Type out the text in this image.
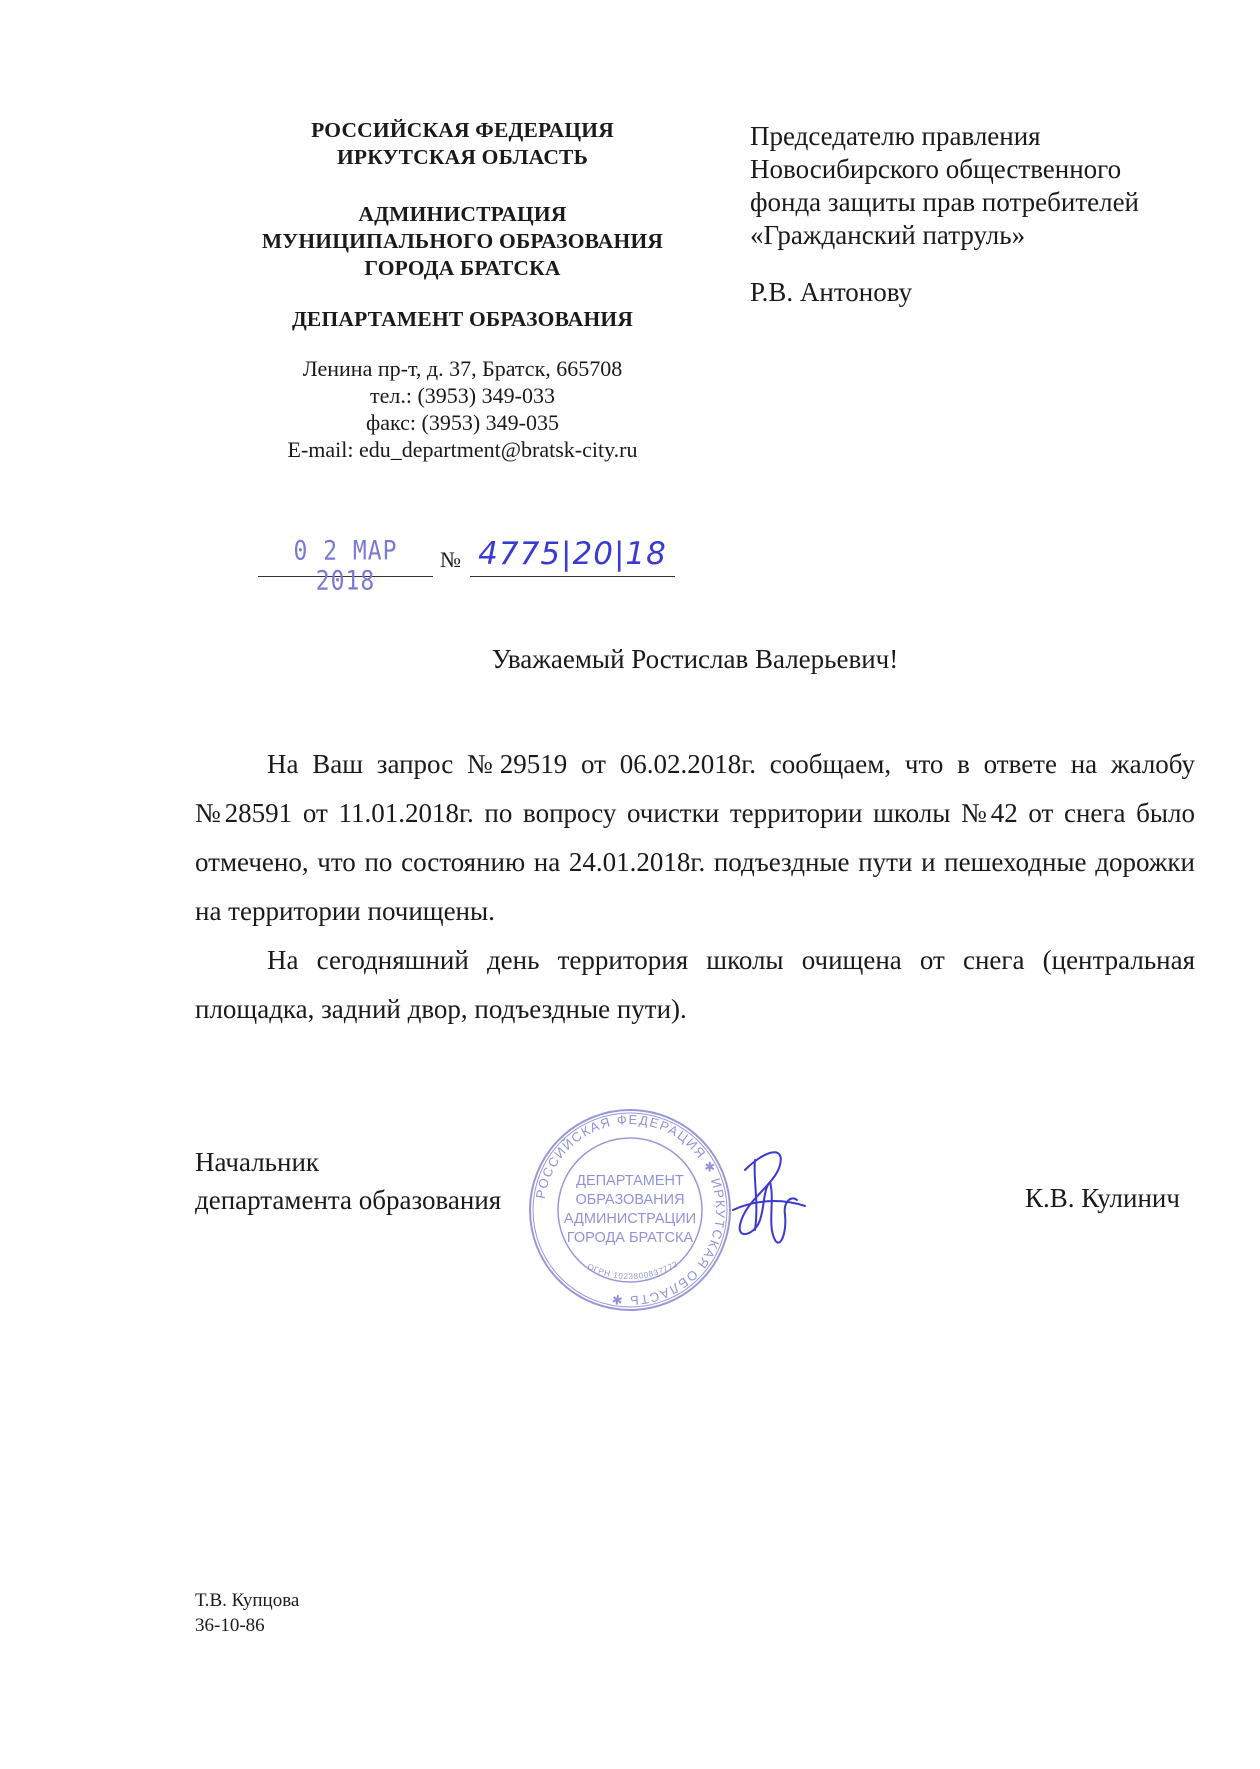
РОССИЙСКАЯ ФЕДЕРАЦИЯ
ИРКУТСКАЯ ОБЛАСТЬ
АДМИНИСТРАЦИЯ
МУНИЦИПАЛЬНОГО ОБРАЗОВАНИЯ
ГОРОДА БРАТСКА
ДЕПАРТАМЕНТ ОБРАЗОВАНИЯ
Ленина пр-т, д. 37, Братск, 665708
тел.: (3953) 349-033
факс: (3953) 349-035
E-mail: edu_department@bratsk-city.ru
Председателю правления
Новосибирского общественного
фонда защиты прав потребителей
«Гражданский патруль»
Р.В. Антонову
0 2 МАР 2018
№ 4775|20|18
Уважаемый Ростислав Валерьевич!

На Ваш запрос №29519 от 06.02.2018г. сообщаем, что в ответе на жалобу №28591 от 11.01.2018г. по вопросу очистки территории школы №42 от снега было отмечено, что по состоянию на 24.01.2018г. подъездные пути и пешеходные дорожки на территории почищены.

На сегодняшний день территория школы очищена от снега (центральная площадка, задний двор, подъездные пути).

Начальник
департамента образования	К.В. Кулинич
РОССИЙСКАЯ ФЕДЕРАЦИЯ ✱ ИРКУТСКАЯ ОБЛАСТЬ ✱
ДЕПАРТАМЕНТ
ОБРАЗОВАНИЯ
АДМИНИСТРАЦИИ
ГОРОДА БРАТСКА
ОГРН 1023800837772
Т.В. Купцова
36-10-86
